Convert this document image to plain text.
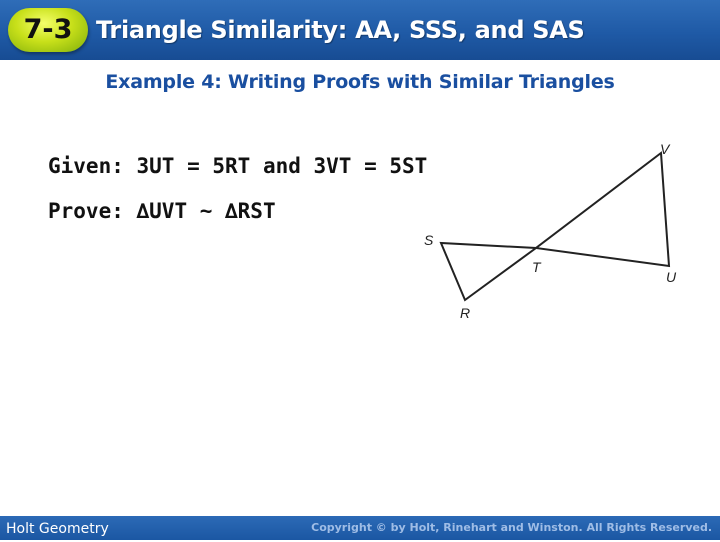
7-3 Triangle Similarity: AA, SSS, and SAS
Example 4: Writing Proofs with Similar Triangles
Given: 3UT = 5RT and 3VT = 5ST
Prove: ∆UVT ~ ∆RST
V
S
T
U
R
Holt Geometry	Copyright © by Holt, Rinehart and Winston. All Rights Reserved.
